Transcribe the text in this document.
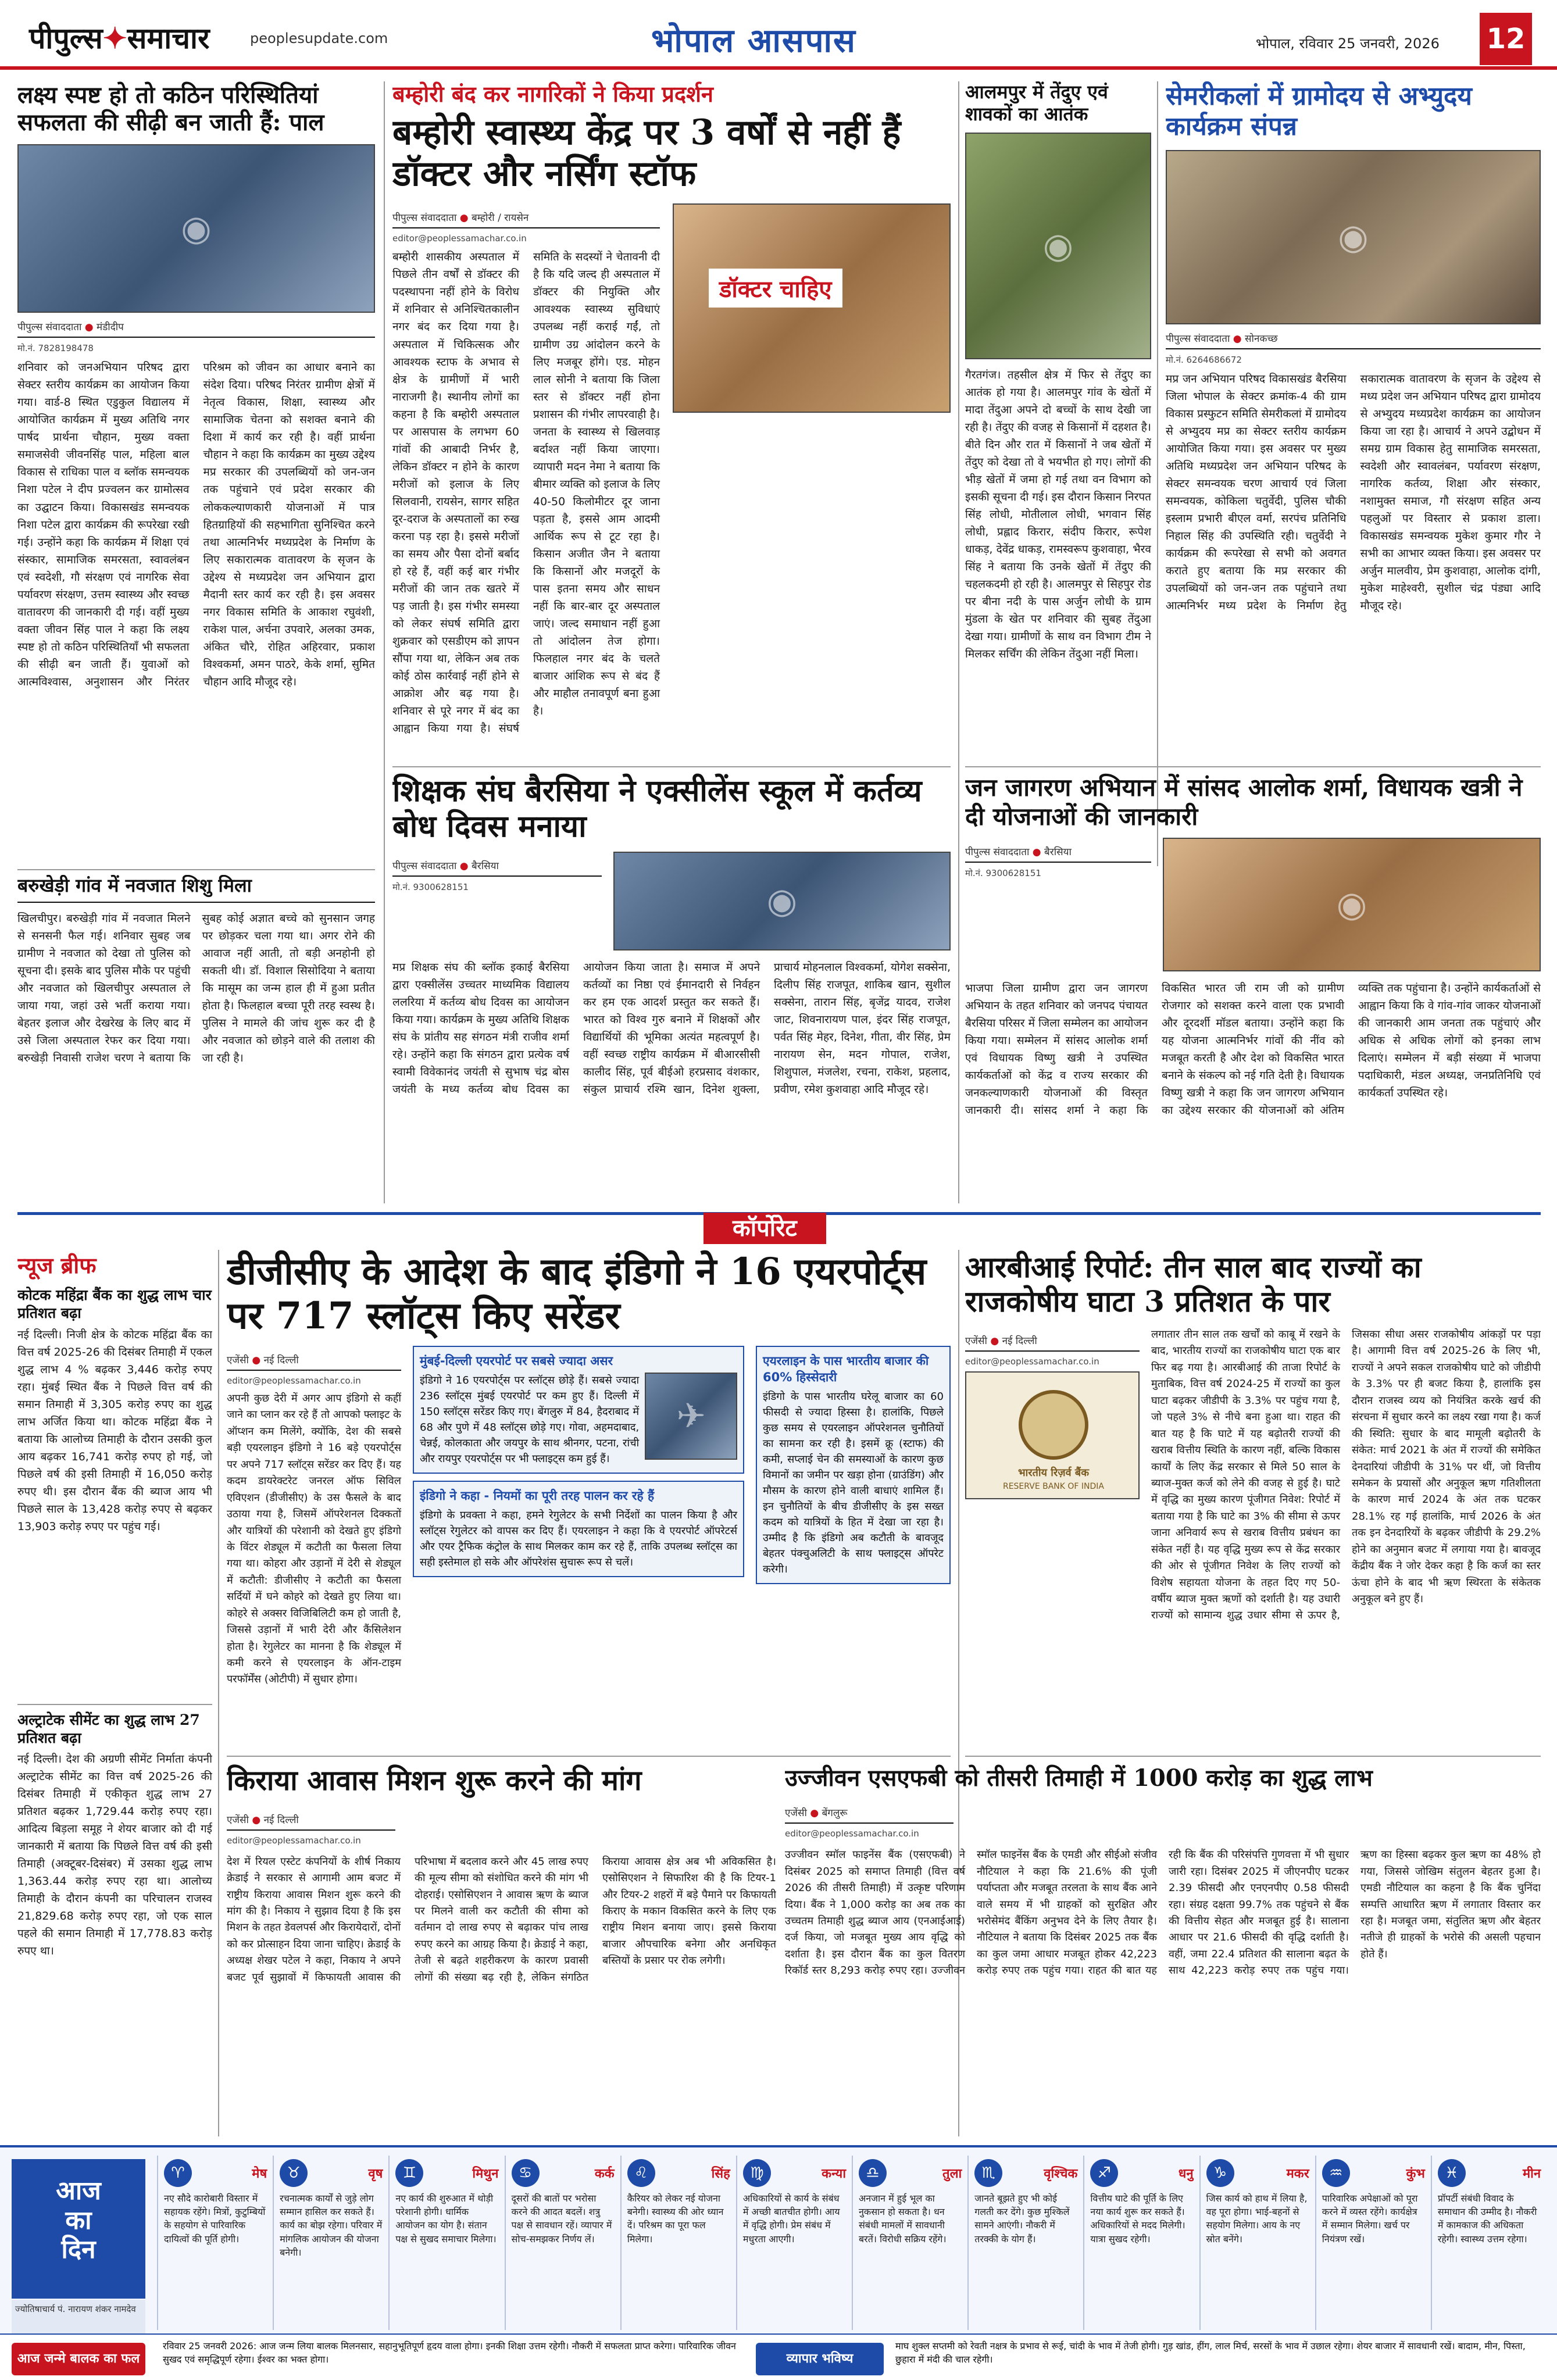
पीपुल्स✦समाचार	peoplesupdate.com	भोपाल आसपास	भोपाल, रविवार 25 जनवरी, 2026 12
लक्ष्य स्पष्ट हो तो कठिन परिस्थितियां सफलता की सीढ़ी बन जाती हैं: पाल
◉
पीपुल्स संवाददाता ● मंडीदीप
मो.नं. 7828198478
शनिवार को जनअभियान परिषद द्वारा सेक्टर स्तरीय कार्यक्रम का आयोजन किया गया। वार्ड-8 स्थित एडुकुल विद्यालय में आयोजित कार्यक्रम में मुख्य अतिथि नगर पार्षद प्रार्थना चौहान, मुख्य वक्ता समाजसेवी जीवनसिंह पाल, महिला बाल विकास से राधिका पाल व ब्लॉक समन्वयक निशा पटेल ने दीप प्रज्वलन कर ग्रामोत्सव का उद्घाटन किया। विकासखंड समन्वयक निशा पटेल द्वारा कार्यक्रम की रूपरेखा रखी गई। उन्होंने कहा कि कार्यक्रम में शिक्षा एवं संस्कार, सामाजिक समरसता, स्वावलंबन एवं स्वदेशी, गौ संरक्षण एवं नागरिक सेवा पर्यावरण संरक्षण, उत्तम स्वास्थ्य और स्वच्छ वातावरण की जानकारी दी गई। वहीं मुख्य वक्ता जीवन सिंह पाल ने कहा कि लक्ष्य स्पष्ट हो तो कठिन परिस्थितियाँ भी सफलता की सीढ़ी बन जाती हैं। युवाओं को आत्मविश्वास, अनुशासन और निरंतर परिश्रम को जीवन का आधार बनाने का संदेश दिया। परिषद निरंतर ग्रामीण क्षेत्रों में नेतृत्व विकास, शिक्षा, स्वास्थ्य और सामाजिक चेतना को सशक्त बनाने की दिशा में कार्य कर रही है। वहीं प्रार्थना चौहान ने कहा कि कार्यक्रम का मुख्य उद्देश्य मप्र सरकार की उपलब्धियों को जन-जन तक पहुंचाने एवं प्रदेश सरकार की लोककल्याणकारी योजनाओं में पात्र हितग्राहियों की सहभागिता सुनिश्चित करने तथा आत्मनिर्भर मध्यप्रदेश के निर्माण के लिए सकारात्मक वातावरण के सृजन के उद्देश्य से मध्यप्रदेश जन अभियान द्वारा मैदानी स्तर कार्य कर रही है। इस अवसर नगर विकास समिति के आकाश रघुवंशी, राकेश पाल, अर्चना उपवारे, अलका उमक, अंकित चौरे, रोहित अहिरवार, प्रकाश विश्वकर्मा, अमन पाठरे, केके शर्मा, सुमित चौहान आदि मौजूद रहे।
बरुखेड़ी गांव में नवजात शिशु मिला
खिलचीपुर। बरुखेड़ी गांव में नवजात मिलने से सनसनी फैल गई। शनिवार सुबह जब ग्रामीण ने नवजात को देखा तो पुलिस को सूचना दी। इसके बाद पुलिस मौके पर पहुंची और नवजात को खिलचीपुर अस्पताल ले जाया गया, जहां उसे भर्ती कराया गया। बेहतर इलाज और देखरेख के लिए बाद में उसे जिला अस्पताल रेफर कर दिया गया। बरुखेड़ी निवासी राजेश चरण ने बताया कि सुबह कोई अज्ञात बच्चे को सुनसान जगह पर छोड़कर चला गया था। अगर रोने की आवाज नहीं आती, तो बड़ी अनहोनी हो सकती थी। डॉ. विशाल सिसोदिया ने बताया कि मासूम का जन्म हाल ही में हुआ प्रतीत होता है। फिलहाल बच्चा पूरी तरह स्वस्थ है। पुलिस ने मामले की जांच शुरू कर दी है और नवजात को छोड़ने वाले की तलाश की जा रही है।
बम्होरी बंद कर नागरिकों ने किया प्रदर्शन
बम्होरी स्वास्थ्य केंद्र पर 3 वर्षों से नहीं हैं डॉक्टर और नर्सिंग स्टॉफ
पीपुल्स संवाददाता ● बम्होरी / रायसेन
editor@peoplessamachar.co.in
बम्होरी शासकीय अस्पताल में पिछले तीन वर्षों से डॉक्टर की पदस्थापना नहीं होने के विरोध में शनिवार से अनिश्चितकालीन नगर बंद कर दिया गया है। अस्पताल में चिकित्सक और आवश्यक स्टाफ के अभाव से क्षेत्र के ग्रामीणों में भारी नाराजगी है। स्थानीय लोगों का कहना है कि बम्होरी अस्पताल पर आसपास के लगभग 60 गांवों की आबादी निर्भर है, लेकिन डॉक्टर न होने के कारण मरीजों को इलाज के लिए सिलवानी, रायसेन, सागर सहित दूर-दराज के अस्पतालों का रुख करना पड़ रहा है। इससे मरीजों का समय और पैसा दोनों बर्बाद हो रहे हैं, वहीं कई बार गंभीर मरीजों की जान तक खतरे में पड़ जाती है। इस गंभीर समस्या को लेकर संघर्ष समिति द्वारा शुक्रवार को एसडीएम को ज्ञापन सौंपा गया था, लेकिन अब तक कोई ठोस कार्रवाई नहीं होने से आक्रोश और बढ़ गया है। शनिवार से पूरे नगर में बंद का आह्वान किया गया है। संघर्ष समिति के सदस्यों ने चेतावनी दी है कि यदि जल्द ही अस्पताल में डॉक्टर की नियुक्ति और आवश्यक स्वास्थ्य सुविधाएं उपलब्ध नहीं कराई गईं, तो ग्रामीण उग्र आंदोलन करने के लिए मजबूर होंगे। एड. मोहन लाल सोनी ने बताया कि जिला स्तर से डॉक्टर नहीं होना प्रशासन की गंभीर लापरवाही है। जनता के स्वास्थ्य से खिलवाड़ बर्दाश्त नहीं किया जाएगा। व्यापारी मदन नेमा ने बताया कि बीमार व्यक्ति को इलाज के लिए 40-50 किलोमीटर दूर जाना पड़ता है, इससे आम आदमी आर्थिक रूप से टूट रहा है। किसान अजीत जैन ने बताया कि किसानों और मजदूरों के पास इतना समय और साधन नहीं कि बार-बार दूर अस्पताल जाएं। जल्द समाधान नहीं हुआ तो आंदोलन तेज होगा। फिलहाल नगर बंद के चलते बाजार आंशिक रूप से बंद हैं और माहौल तनावपूर्ण बना हुआ है।
डॉक्टर चाहिए
आलमपुर में तेंदुए एवं शावकों का आतंक
◉
गैरतगंज। तहसील क्षेत्र में फिर से तेंदुए का आतंक हो गया है। आलमपुर गांव के खेतों में मादा तेंदुआ अपने दो बच्चों के साथ देखी जा रही है। तेंदुए की वजह से किसानों में दहशत है। बीते दिन और रात में किसानों ने जब खेतों में तेंदुए को देखा तो वे भयभीत हो गए। लोगों की भीड़ खेतों में जमा हो गई तथा वन विभाग को इसकी सूचना दी गई। इस दौरान किसान निरपत सिंह लोधी, मोतीलाल लोधी, भगवान सिंह लोधी, प्रह्लाद किरार, संदीप किरार, रूपेश धाकड़, देवेंद्र धाकड़, रामस्वरूप कुशवाहा, भैरव सिंह ने बताया कि उनके खेतों में तेंदुए की चहलकदमी हो रही है। आलमपुर से सिहपुर रोड पर बीना नदी के पास अर्जुन लोधी के ग्राम मुंडला के खेत पर शनिवार की सुबह तेंदुआ देखा गया। ग्रामीणों के साथ वन विभाग टीम ने मिलकर सर्चिंग की लेकिन तेंदुआ नहीं मिला।
सेमरीकलां में ग्रामोदय से अभ्युदय कार्यक्रम संपन्न
◉
पीपुल्स संवाददाता ● सोनकच्छ
मो.नं. 6264686672
मप्र जन अभियान परिषद विकासखंड बैरसिया जिला भोपाल के सेक्टर क्रमांक-4 की ग्राम विकास प्रस्फुटन समिति सेमरीकलां में ग्रामोदय से अभ्युदय मप्र का सेक्टर स्तरीय कार्यक्रम आयोजित किया गया। इस अवसर पर मुख्य अतिथि मध्यप्रदेश जन अभियान परिषद के सेक्टर समन्वयक चरण आचार्य एवं जिला समन्वयक, कोकिला चतुर्वेदी, पुलिस चौकी इस्लाम प्रभारी बीएल वर्मा, सरपंच प्रतिनिधि निहाल सिंह की उपस्थिति रही। चतुर्वेदी ने कार्यक्रम की रूपरेखा से सभी को अवगत कराते हुए बताया कि मप्र सरकार की उपलब्धियों को जन-जन तक पहुंचाने तथा आत्मनिर्भर मध्य प्रदेश के निर्माण हेतु सकारात्मक वातावरण के सृजन के उद्देश्य से मध्य प्रदेश जन अभियान परिषद द्वारा ग्रामोदय से अभ्युदय मध्यप्रदेश कार्यक्रम का आयोजन किया जा रहा है। आचार्य ने अपने उद्बोधन में समग्र ग्राम विकास हेतु सामाजिक समरसता, स्वदेशी और स्वावलंबन, पर्यावरण संरक्षण, नागरिक कर्तव्य, शिक्षा और संस्कार, नशामुक्त समाज, गौ संरक्षण सहित अन्य पहलुओं पर विस्तार से प्रकाश डाला। विकासखंड समन्वयक मुकेश कुमार गौर ने सभी का आभार व्यक्त किया। इस अवसर पर अर्जुन मालवीय, प्रेम कुशवाहा, आलोक दांगी, मुकेश माहेश्वरी, सुशील चंद्र पंड्या आदि मौजूद रहे।
शिक्षक संघ बैरसिया ने एक्सीलेंस स्कूल में कर्तव्य बोध दिवस मनाया
पीपुल्स संवाददाता ● बैरसिया
मो.नं. 9300628151	◉
मप्र शिक्षक संघ की ब्लॉक इकाई बैरसिया द्वारा एक्सीलेंस उच्चतर माध्यमिक विद्यालय ललरिया में कर्तव्य बोध दिवस का आयोजन किया गया। कार्यक्रम के मुख्य अतिथि शिक्षक संघ के प्रांतीय सह संगठन मंत्री राजीव शर्मा रहे। उन्होंने कहा कि संगठन द्वारा प्रत्येक वर्ष स्वामी विवेकानंद जयंती से सुभाष चंद्र बोस जयंती के मध्य कर्तव्य बोध दिवस का आयोजन किया जाता है। समाज में अपने कर्तव्यों का निष्ठा एवं ईमानदारी से निर्वहन कर हम एक आदर्श प्रस्तुत कर सकते हैं। भारत को विश्व गुरु बनाने में शिक्षकों और विद्यार्थियों की भूमिका अत्यंत महत्वपूर्ण है। वहीं स्वच्छ राष्ट्रीय कार्यक्रम में बीआरसीसी कालीद सिंह, पूर्व बीईओ हरप्रसाद वंशकार, संकुल प्राचार्य रश्मि खान, दिनेश शुक्ला, प्राचार्य मोहनलाल विश्वकर्मा, योगेश सक्सेना, दिलीप सिंह राजपूत, शाकिब खान, सुशील सक्सेना, तारान सिंह, बृजेंद्र यादव, राजेश जाट, शिवनारायण पाल, इंदर सिंह राजपूत, पर्वत सिंह मेहर, दिनेश, गीता, वीर सिंह, प्रेम नारायण सेन, मदन गोपाल, राजेश, शिशुपाल, मंजलेश, रचना, राकेश, प्रहलाद, प्रवीण, रमेश कुशवाहा आदि मौजूद रहे।
जन जागरण अभियान में सांसद आलोक शर्मा, विधायक खत्री ने दी योजनाओं की जानकारी
पीपुल्स संवाददाता ● बैरसिया
मो.नं. 9300628151
◉
भाजपा जिला ग्रामीण द्वारा जन जागरण अभियान के तहत शनिवार को जनपद पंचायत बैरसिया परिसर में जिला सम्मेलन का आयोजन किया गया। सम्मेलन में सांसद आलोक शर्मा एवं विधायक विष्णु खत्री ने उपस्थित कार्यकर्ताओं को केंद्र व राज्य सरकार की जनकल्याणकारी योजनाओं की विस्तृत जानकारी दी। सांसद शर्मा ने कहा कि विकसित भारत जी राम जी को ग्रामीण रोजगार को सशक्त करने वाला एक प्रभावी और दूरदर्शी मॉडल बताया। उन्होंने कहा कि यह योजना आत्मनिर्भर गांवों की नींव को मजबूत करती है और देश को विकसित भारत बनाने के संकल्प को नई गति देती है। विधायक विष्णु खत्री ने कहा कि जन जागरण अभियान का उद्देश्य सरकार की योजनाओं को अंतिम व्यक्ति तक पहुंचाना है। उन्होंने कार्यकर्ताओं से आह्वान किया कि वे गांव-गांव जाकर योजनाओं की जानकारी आम जनता तक पहुंचाएं और अधिक से अधिक लोगों को इनका लाभ दिलाएं। सम्मेलन में बड़ी संख्या में भाजपा पदाधिकारी, मंडल अध्यक्ष, जनप्रतिनिधि एवं कार्यकर्ता उपस्थित रहे।
कॉर्पोरेट
न्यूज ब्रीफ
कोटक महिंद्रा बैंक का शुद्ध लाभ चार प्रतिशत बढ़ा
नई दिल्ली। निजी क्षेत्र के कोटक महिंद्रा बैंक का वित्त वर्ष 2025-26 की दिसंबर तिमाही में एकल शुद्ध लाभ 4 % बढ़कर 3,446 करोड़ रुपए रहा। मुंबई स्थित बैंक ने पिछले वित्त वर्ष की समान तिमाही में 3,305 करोड़ रुपए का शुद्ध लाभ अर्जित किया था। कोटक महिंद्रा बैंक ने बताया कि आलोच्य तिमाही के दौरान उसकी कुल आय बढ़कर 16,741 करोड़ रुपए हो गई, जो पिछले वर्ष की इसी तिमाही में 16,050 करोड़ रुपए थी। इस दौरान बैंक की ब्याज आय भी पिछले साल के 13,428 करोड़ रुपए से बढ़कर 13,903 करोड़ रुपए पर पहुंच गई।
अल्ट्राटेक सीमेंट का शुद्ध लाभ 27 प्रतिशत बढ़ा
नई दिल्ली। देश की अग्रणी सीमेंट निर्माता कंपनी अल्ट्राटेक सीमेंट का वित्त वर्ष 2025-26 की दिसंबर तिमाही में एकीकृत शुद्ध लाभ 27 प्रतिशत बढ़कर 1,729.44 करोड़ रुपए रहा। आदित्य बिड़ला समूह ने शेयर बाजार को दी गई जानकारी में बताया कि पिछले वित्त वर्ष की इसी तिमाही (अक्टूबर-दिसंबर) में उसका शुद्ध लाभ 1,363.44 करोड़ रुपए रहा था। आलोच्य तिमाही के दौरान कंपनी का परिचालन राजस्व 21,829.68 करोड़ रुपए रहा, जो एक साल पहले की समान तिमाही में 17,778.83 करोड़ रुपए था।
डीजीसीए के आदेश के बाद इंडिगो ने 16 एयरपोर्ट्स पर 717 स्लॉट्स किए सरेंडर
एजेंसी ● नई दिल्ली
editor@peoplessamachar.co.in
अपनी कुछ देरी में अगर आप इंडिगो से कहीं जाने का प्लान कर रहे हैं तो आपको फ्लाइट के ऑप्शन कम मिलेंगे, क्योंकि, देश की सबसे बड़ी एयरलाइन इंडिगो ने 16 बड़े एयरपोर्ट्स पर अपने 717 स्लॉट्स सरेंडर कर दिए हैं। यह कदम डायरेक्टरेट जनरल ऑफ सिविल एविएशन (डीजीसीए) के उस फैसले के बाद उठाया गया है, जिसमें ऑपरेशनल दिक्कतों और यात्रियों की परेशानी को देखते हुए इंडिगो के विंटर शेड्यूल में कटौती का फैसला लिया गया था। कोहरा और उड़ानों में देरी से शेड्यूल में कटौती: डीजीसीए ने कटौती का फैसला सर्दियों में घने कोहरे को देखते हुए लिया था। कोहरे से अक्सर विजिबिलिटी कम हो जाती है, जिससे उड़ानों में भारी देरी और कैंसिलेशन होता है। रेगुलेटर का मानना है कि शेड्यूल में कमी करने से एयरलाइन के ऑन-टाइम परफॉर्मेंस (ओटीपी) में सुधार होगा।
मुंबई-दिल्ली एयरपोर्ट पर सबसे ज्यादा असर
इंडिगो ने 16 एयरपोर्ट्स पर स्लॉट्स छोड़े हैं। सबसे ज्यादा 236 स्लॉट्स मुंबई एयरपोर्ट पर कम हुए हैं। दिल्ली में 150 स्लॉट्स सरेंडर किए गए। बेंगलुरु में 84, हैदराबाद में 68 और पुणे में 48 स्लॉट्स छोड़े गए। गोवा, अहमदाबाद, चेन्नई, कोलकाता और जयपुर के साथ श्रीनगर, पटना, रांची और रायपुर एयरपोर्ट्स पर भी फ्लाइट्स कम हुई हैं।
✈
इंडिगो ने कहा - नियमों का पूरी तरह पालन कर रहे हैं
इंडिगो के प्रवक्ता ने कहा, हमने रेगुलेटर के सभी निर्देशों का पालन किया है और स्लॉट्स रेगुलेटर को वापस कर दिए हैं। एयरलाइन ने कहा कि वे एयरपोर्ट ऑपरेटर्स और एयर ट्रैफिक कंट्रोल के साथ मिलकर काम कर रहे हैं, ताकि उपलब्ध स्लॉट्स का सही इस्तेमाल हो सके और ऑपरेशंस सुचारू रूप से चलें।
एयरलाइन के पास भारतीय बाजार की 60% हिस्सेदारी
इंडिगो के पास भारतीय घरेलू बाजार का 60 फीसदी से ज्यादा हिस्सा है। हालांकि, पिछले कुछ समय से एयरलाइन ऑपरेशनल चुनौतियों का सामना कर रही है। इसमें क्रू (स्टाफ) की कमी, सप्लाई चेन की समस्याओं के कारण कुछ विमानों का जमीन पर खड़ा होना (ग्राउंडिंग) और मौसम के कारण होने वाली बाधाएं शामिल हैं। इन चुनौतियों के बीच डीजीसीए के इस सख्त कदम को यात्रियों के हित में देखा जा रहा है। उम्मीद है कि इंडिगो अब कटौती के बावजूद बेहतर पंक्चुअलिटी के साथ फ्लाइट्स ऑपरेट करेगी।
आरबीआई रिपोर्ट: तीन साल बाद राज्यों का राजकोषीय घाटा 3 प्रतिशत के पार
एजेंसी ● नई दिल्ली
editor@peoplessamachar.co.in
भारतीय रिज़र्व बैंक
RESERVE BANK OF INDIA
लगातार तीन साल तक खर्चों को काबू में रखने के बाद, भारतीय राज्यों का राजकोषीय घाटा एक बार फिर बढ़ गया है। आरबीआई की ताजा रिपोर्ट के मुताबिक, वित्त वर्ष 2024-25 में राज्यों का कुल घाटा बढ़कर जीडीपी के 3.3% पर पहुंच गया है, जो पहले 3% से नीचे बना हुआ था। राहत की बात यह है कि घाटे में यह बढ़ोतरी राज्यों की खराब वित्तीय स्थिति के कारण नहीं, बल्कि विकास कार्यों के लिए केंद्र सरकार से मिले 50 साल के ब्याज-मुक्त कर्ज को लेने की वजह से हुई है। घाटे में वृद्धि का मुख्य कारण पूंजीगत निवेश: रिपोर्ट में बताया गया है कि घाटे का 3% की सीमा से ऊपर जाना अनिवार्य रूप से खराब वित्तीय प्रबंधन का संकेत नहीं है। यह वृद्धि मुख्य रूप से केंद्र सरकार की ओर से पूंजीगत निवेश के लिए राज्यों को विशेष सहायता योजना के तहत दिए गए 50-वर्षीय ब्याज मुक्त ऋणों को दर्शाती है। यह उधारी राज्यों को सामान्य शुद्ध उधार सीमा से ऊपर है, जिसका सीधा असर राजकोषीय आंकड़ों पर पड़ा है। आगामी वित्त वर्ष 2025-26 के लिए भी, राज्यों ने अपने सकल राजकोषीय घाटे को जीडीपी के 3.3% पर ही बजट किया है, हालांकि इस दौरान राजस्व व्यय को नियंत्रित करके खर्च की संरचना में सुधार करने का लक्ष्य रखा गया है। कर्ज की स्थिति: सुधार के बाद मामूली बढ़ोतरी के संकेत: मार्च 2021 के अंत में राज्यों की समेकित देनदारियां जीडीपी के 31% पर थीं, जो वित्तीय समेकन के प्रयासों और अनुकूल ऋण गतिशीलता के कारण मार्च 2024 के अंत तक घटकर 28.1% रह गई हालांकि, मार्च 2026 के अंत तक इन देनदारियों के बढ़कर जीडीपी के 29.2% होने का अनुमान बजट में लगाया गया है। बावजूद केंद्रीय बैंक ने जोर देकर कहा है कि कर्ज का स्तर ऊंचा होने के बाद भी ऋण स्थिरता के संकेतक अनुकूल बने हुए हैं।
किराया आवास मिशन शुरू करने की मांग
एजेंसी ● नई दिल्ली
editor@peoplessamachar.co.in
देश में रियल एस्टेट कंपनियों के शीर्ष निकाय क्रेडाई ने सरकार से आगामी आम बजट में राष्ट्रीय किराया आवास मिशन शुरू करने की मांग की है। निकाय ने सुझाव दिया है कि इस मिशन के तहत डेवलपर्स और किरायेदारों, दोनों को कर प्रोत्साहन दिया जाना चाहिए। क्रेडाई के अध्यक्ष शेखर पटेल ने कहा, निकाय ने अपने बजट पूर्व सुझावों में किफायती आवास की परिभाषा में बदलाव करने और 45 लाख रुपए की मूल्य सीमा को संशोधित करने की मांग भी दोहराई। एसोसिएशन ने आवास ऋण के ब्याज पर मिलने वाली कर कटौती की सीमा को वर्तमान दो लाख रुपए से बढ़ाकर पांच लाख रुपए करने का आग्रह किया है। क्रेडाई ने कहा, तेजी से बढ़ते शहरीकरण के कारण प्रवासी लोगों की संख्या बढ़ रही है, लेकिन संगठित किराया आवास क्षेत्र अब भी अविकसित है। एसोसिएशन ने सिफारिश की है कि टियर-1 और टियर-2 शहरों में बड़े पैमाने पर किफायती किराए के मकान विकसित करने के लिए एक राष्ट्रीय मिशन बनाया जाए। इससे किराया बाजार औपचारिक बनेगा और अनधिकृत बस्तियों के प्रसार पर रोक लगेगी।
उज्जीवन एसएफबी को तीसरी तिमाही में 1000 करोड़ का शुद्ध लाभ
एजेंसी ● बेंगलुरू
editor@peoplessamachar.co.in
उज्जीवन स्मॉल फाइनेंस बैंक (एसएफबी) ने दिसंबर 2025 को समाप्त तिमाही (वित्त वर्ष 2026 की तीसरी तिमाही) में उत्कृष्ट परिणाम दिया। बैंक ने 1,000 करोड़ का अब तक का उच्चतम तिमाही शुद्ध ब्याज आय (एनआईआई) दर्ज किया, जो मजबूत मुख्य आय वृद्धि को दर्शाता है। इस दौरान बैंक का कुल वितरण रिकॉर्ड स्तर 8,293 करोड़ रुपए रहा। उज्जीवन स्मॉल फाइनेंस बैंक के एमडी और सीईओ संजीव नौटियाल ने कहा कि 21.6% की पूंजी पर्याप्तता और मजबूत तरलता के साथ बैंक आने वाले समय में भी ग्राहकों को सुरक्षित और भरोसेमंद बैंकिंग अनुभव देने के लिए तैयार है। नौटियाल ने बताया कि दिसंबर 2025 तक बैंक का कुल जमा आधार मजबूत होकर 42,223 करोड़ रुपए तक पहुंच गया। राहत की बात यह रही कि बैंक की परिसंपत्ति गुणवत्ता में भी सुधार जारी रहा। दिसंबर 2025 में जीएनपीए घटकर 2.39 फीसदी और एनएनपीए 0.58 फीसदी रहा। संग्रह दक्षता 99.7% तक पहुंचने से बैंक की वित्तीय सेहत और मजबूत हुई है। सालाना आधार पर 21.6 फीसदी की वृद्धि दर्शाती है। वहीं, जमा 22.4 प्रतिशत की सालाना बढ़त के साथ 42,223 करोड़ रुपए तक पहुंच गया। ऋण का हिस्सा बढ़कर कुल ऋण का 48% हो गया, जिससे जोखिम संतुलन बेहतर हुआ है। एमडी नौटियाल का कहना है कि बैंक चुनिंदा सम्पत्ति आधारित ऋण में लगातार विस्तार कर रहा है। मजबूत जमा, संतुलित ऋण और बेहतर नतीजे ही ग्राहकों के भरोसे की असली पहचान होते हैं।
आज
का
दिन
ज्योतिषाचार्य पं. नारायण शंकर नामदेव
♈	मेष
नए सौदे कारोबारी विस्तार में सहायक रहेंगे। मित्रों, कुटुम्बियों के सहयोग से पारिवारिक दायित्वों की पूर्ति होगी।
♉	वृष
रचनात्मक कार्यों से जुड़े लोग सम्मान हासिल कर सकते हैं। कार्य का बोझ रहेगा। परिवार में मांगलिक आयोजन की योजना बनेगी।
♊	मिथुन
नए कार्य की शुरुआत में थोड़ी परेशानी होगी। धार्मिक आयोजन का योग है। संतान पक्ष से सुखद समाचार मिलेगा।
♋	कर्क
दूसरों की बातों पर भरोसा करने की आदत बदलें। शत्रु पक्ष से सावधान रहें। व्यापार में सोच-समझकर निर्णय लें।
♌	सिंह
कैरियर को लेकर नई योजना बनेगी। स्वास्थ्य की ओर ध्यान दें। परिश्रम का पूरा फल मिलेगा।
♍	कन्या
अधिकारियों से कार्य के संबंध में अच्छी बातचीत होगी। आय में वृद्धि होगी। प्रेम संबंध में मधुरता आएगी।
♎	तुला
अनजान में हुई भूल का नुकसान हो सकता है। धन संबंधी मामलों में सावधानी बरतें। विरोधी सक्रिय रहेंगे।
♏	वृश्चिक
जानते बूझते हुए भी कोई गलती कर देंगे। कुछ मुश्किलें सामने आएंगी। नौकरी में तरक्की के योग हैं।
♐	धनु
वित्तीय घाटे की पूर्ति के लिए नया कार्य शुरू कर सकते हैं। अधिकारियों से मदद मिलेगी। यात्रा सुखद रहेगी।
♑	मकर
जिस कार्य को हाथ में लिया है, वह पूरा होगा। भाई-बहनों से सहयोग मिलेगा। आय के नए स्रोत बनेंगे।
♒	कुंभ
पारिवारिक अपेक्षाओं को पूरा करने में व्यस्त रहेंगे। कार्यक्षेत्र में सम्मान मिलेगा। खर्च पर नियंत्रण रखें।
♓	मीन
प्रॉपर्टी संबंधी विवाद के समाधान की उम्मीद है। नौकरी में कामकाज की अधिकता रहेगी। स्वास्थ्य उत्तम रहेगा।
आज जन्मे बालक का फल
रविवार 25 जनवरी 2026: आज जन्म लिया बालक मिलनसार, सहानुभूतिपूर्ण हृदय वाला होगा। इनकी शिक्षा उत्तम रहेगी। नौकरी में सफलता प्राप्त करेगा। पारिवारिक जीवन सुखद एवं समृद्धिपूर्ण रहेगा। ईश्वर का भक्त होगा।	व्यापार भविष्य
माघ शुक्ल सप्तमी को रेवती नक्षत्र के प्रभाव से रूई, चांदी के भाव में तेजी होगी। गुड़ खांड, हींग, लाल मिर्च, सरसों के भाव में उछाल रहेगा। शेयर बाजार में सावधानी रखें। बादाम, मीन, पिस्ता, छुहारा में मंदी की चाल रहेगी।
